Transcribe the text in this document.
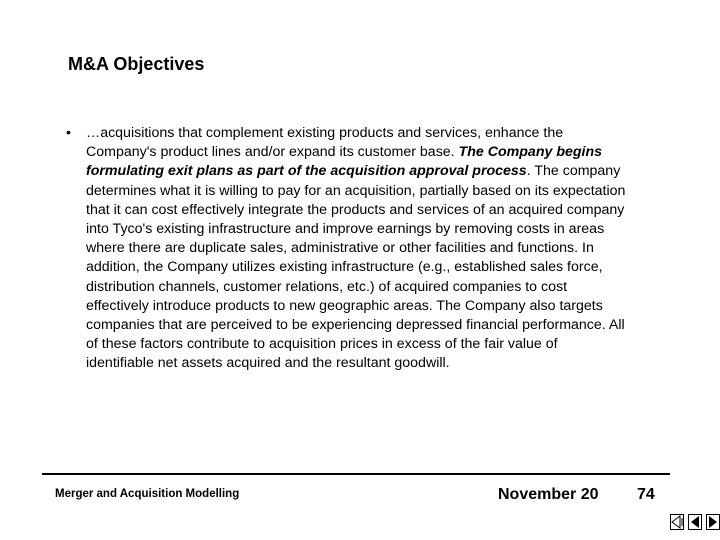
M&A Objectives
•	…acquisitions that complement existing products and services, enhance the Company's product lines and/or expand its customer base. The Company begins formulating exit plans as part of the acquisition approval process. The company determines what it is willing to pay for an acquisition, partially based on its expectation that it can cost effectively integrate the products and services of an acquired company into Tyco's existing infrastructure and improve earnings by removing costs in areas where there are duplicate sales, administrative or other facilities and functions. In addition, the Company utilizes existing infrastructure (e.g., established sales force, distribution channels, customer relations, etc.) of acquired companies to cost effectively introduce products to new geographic areas. The Company also targets companies that are perceived to be experiencing depressed financial performance. All of these factors contribute to acquisition prices in excess of the fair value of identifiable net assets acquired and the resultant goodwill.
Merger and Acquisition Modelling	November 20 74
